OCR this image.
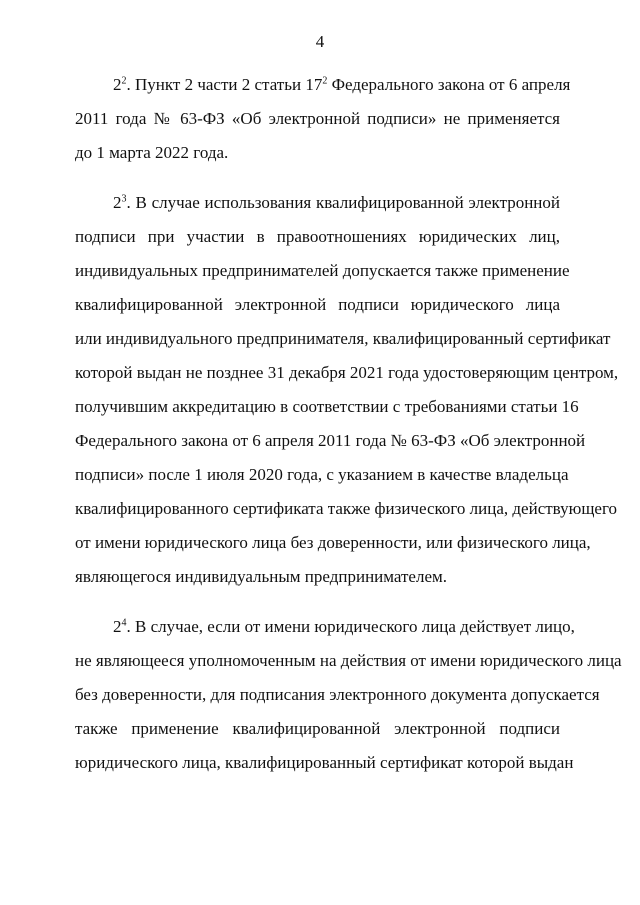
4
$2^2$. Пункт 2 части 2 статьи $17^2$ Федерального закона от 6 апреля
2011 года № 63-ФЗ «Об электронной подписи» не применяется
до 1 марта 2022 года.
$2^3$. В случае использования квалифицированной электронной
подписи при участии в правоотношениях юридических лиц,
индивидуальных предпринимателей допускается также применение
квалифицированной электронной подписи юридического лица
или индивидуального предпринимателя, квалифицированный сертификат
которой выдан не позднее 31 декабря 2021 года удостоверяющим центром,
получившим аккредитацию в соответствии с требованиями статьи 16
Федерального закона от 6 апреля 2011 года № 63-ФЗ «Об электронной
подписи» после 1 июля 2020 года, с указанием в качестве владельца
квалифицированного сертификата также физического лица, действующего
от имени юридического лица без доверенности, или физического лица,
являющегося индивидуальным предпринимателем.
$2^4$. В случае, если от имени юридического лица действует лицо,
не являющееся уполномоченным на действия от имени юридического лица
без доверенности, для подписания электронного документа допускается
также применение квалифицированной электронной подписи
юридического лица, квалифицированный сертификат которой выдан
